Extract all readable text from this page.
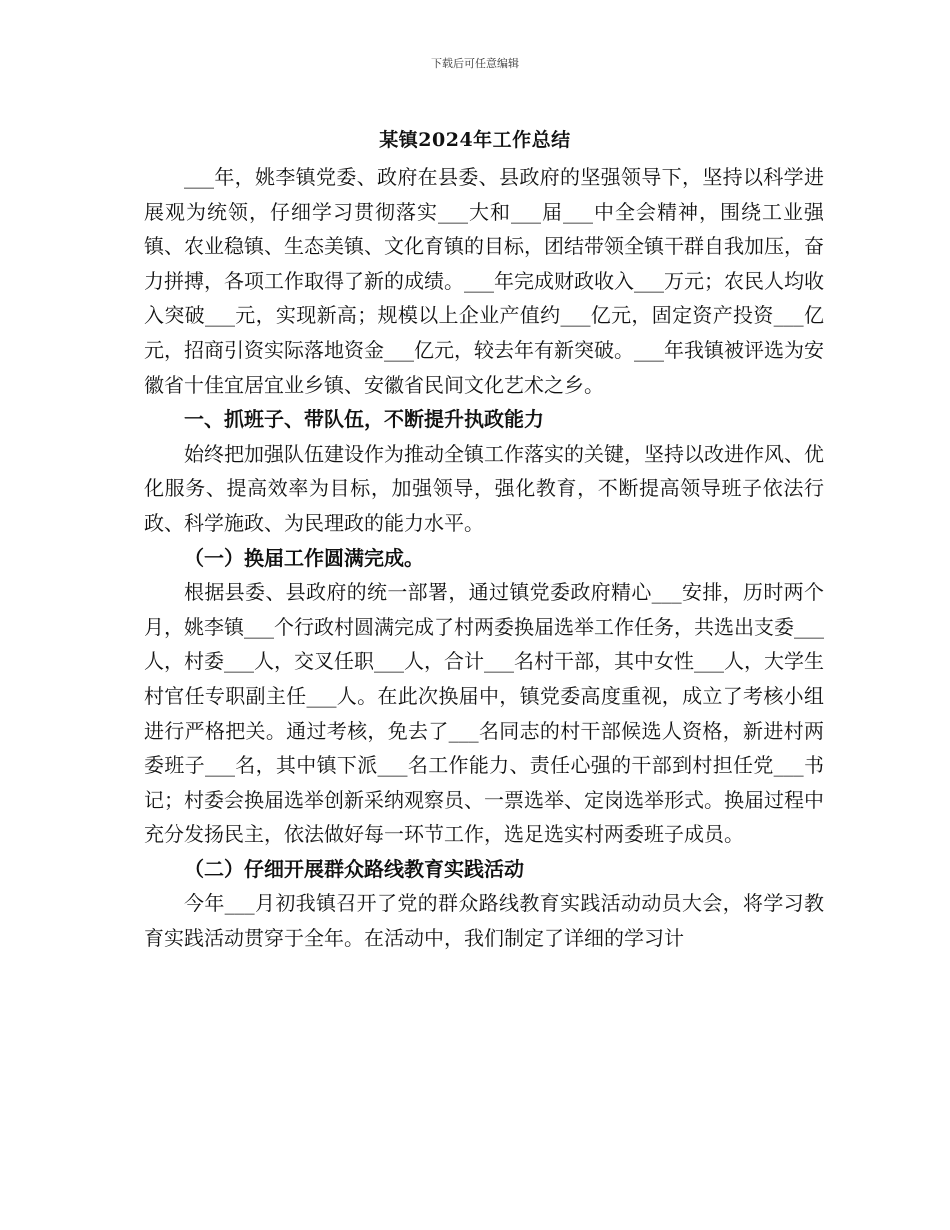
下载后可任意编辑
某镇2024年工作总结

___年，姚李镇党委、政府在县委、县政府的坚强领导下，坚持以科学进展观为统领，仔细学习贯彻落实___大和___届___中全会精神，围绕工业强镇、农业稳镇、生态美镇、文化育镇的目标，团结带领全镇干群自我加压，奋力拼搏，各项工作取得了新的成绩。___年完成财政收入___万元；农民人均收入突破___元，实现新高；规模以上企业产值约___亿元，固定资产投资___亿元，招商引资实际落地资金___亿元，较去年有新突破。___年我镇被评选为安徽省十佳宜居宜业乡镇、安徽省民间文化艺术之乡。

一、抓班子、带队伍，不断提升执政能力

始终把加强队伍建设作为推动全镇工作落实的关键，坚持以改进作风、优化服务、提高效率为目标，加强领导，强化教育，不断提高领导班子依法行政、科学施政、为民理政的能力水平。

（一）换届工作圆满完成。

根据县委、县政府的统一部署，通过镇党委政府精心___安排，历时两个月，姚李镇___个行政村圆满完成了村两委换届选举工作任务，共选出支委___人，村委___人，交叉任职___人，合计___名村干部，其中女性___人，大学生村官任专职副主任___人。在此次换届中，镇党委高度重视，成立了考核小组进行严格把关。通过考核，免去了___名同志的村干部候选人资格，新进村两委班子___名，其中镇下派___名工作能力、责任心强的干部到村担任党___书记；村委会换届选举创新采纳观察员、一票选举、定岗选举形式。换届过程中充分发扬民主，依法做好每一环节工作，选足选实村两委班子成员。

（二）仔细开展群众路线教育实践活动

今年___月初我镇召开了党的群众路线教育实践活动动员大会，将学习教育实践活动贯穿于全年。在活动中，我们制定了详细的学习计
